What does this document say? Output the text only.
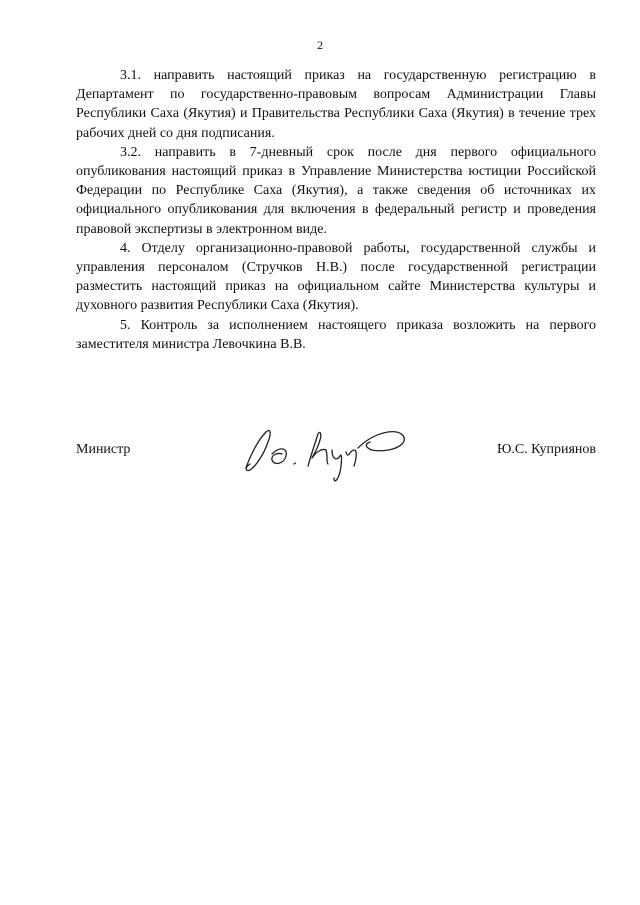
2

3.1. направить настоящий приказ на государственную регистрацию в Департамент по государственно-правовым вопросам Администрации Главы Республики Саха (Якутия) и Правительства Республики Саха (Якутия) в течение трех рабочих дней со дня подписания.

3.2. направить в 7-дневный срок после дня первого официального опубликования настоящий приказ в Управление Министерства юстиции Российской Федерации по Республике Саха (Якутия), а также сведения об источниках их официального опубликования для включения в федеральный регистр и проведения правовой экспертизы в электронном виде.

4. Отделу организационно-правовой работы, государственной службы и управления персоналом (Стручков Н.В.) после государственной регистрации разместить настоящий приказ на официальном сайте Министерства культуры и духовного развития Республики Саха (Якутия).

5. Контроль за исполнением настоящего приказа возложить на первого заместителя министра Левочкина В.В.

Министр	Ю.С. Куприянов
